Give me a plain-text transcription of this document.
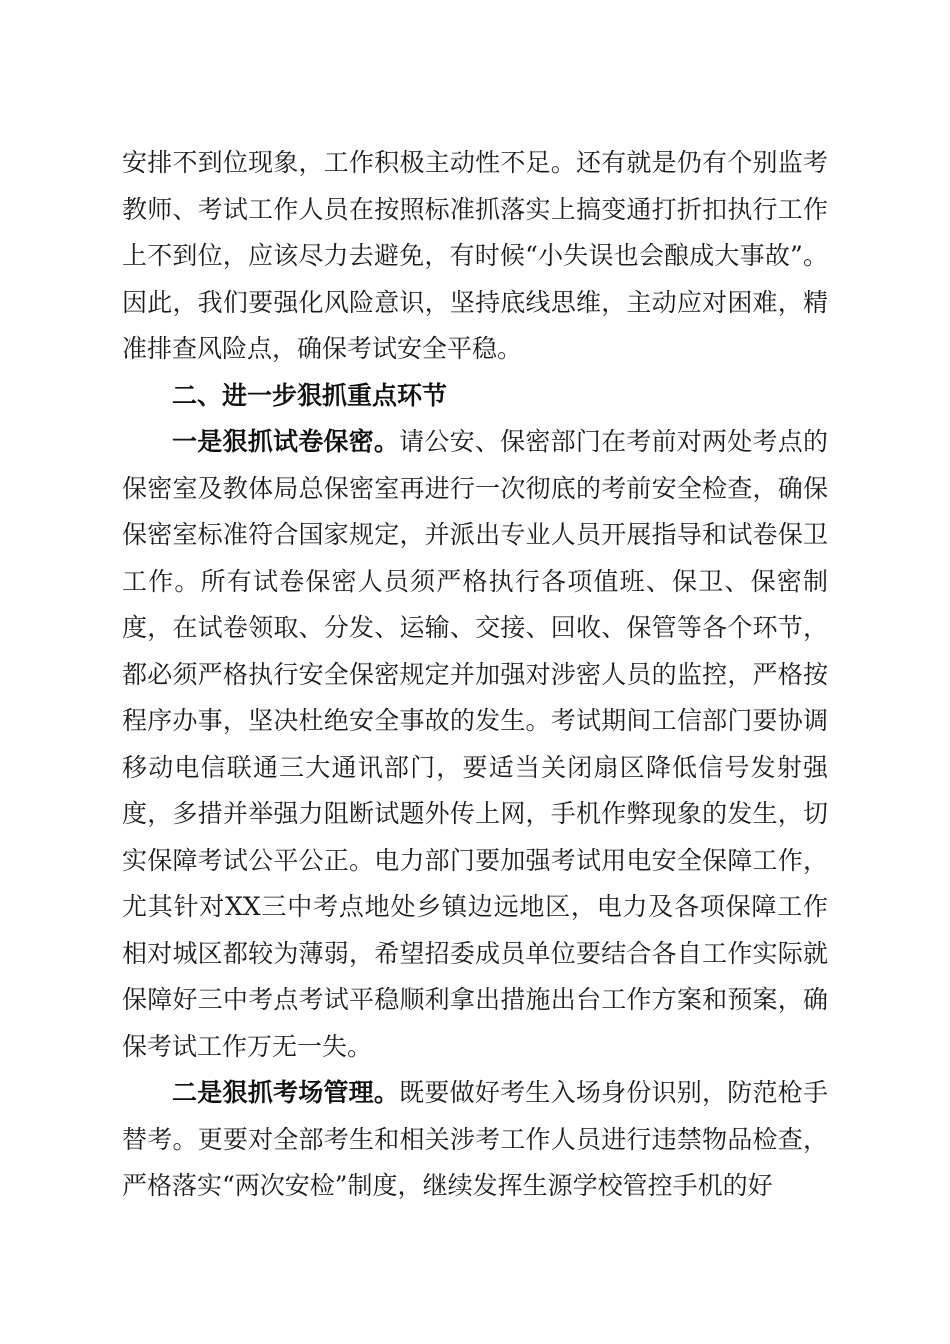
安排不到位现象，工作积极主动性不足。还有就是仍有个别监考教师、考试工作人员在按照标准抓落实上搞变通打折扣执行工作上不到位，应该尽力去避免，有时候“小失误也会酿成大事故”。因此，我们要强化风险意识，坚持底线思维，主动应对困难，精准排查风险点，确保考试安全平稳。

二、进一步狠抓重点环节

一是狠抓试卷保密。请公安、保密部门在考前对两处考点的保密室及教体局总保密室再进行一次彻底的考前安全检查，确保保密室标准符合国家规定，并派出专业人员开展指导和试卷保卫工作。所有试卷保密人员须严格执行各项值班、保卫、保密制度，在试卷领取、分发、运输、交接、回收、保管等各个环节，都必须严格执行安全保密规定并加强对涉密人员的监控，严格按程序办事，坚决杜绝安全事故的发生。考试期间工信部门要协调移动电信联通三大通讯部门，要适当关闭扇区降低信号发射强度，多措并举强力阻断试题外传上网，手机作弊现象的发生，切实保障考试公平公正。电力部门要加强考试用电安全保障工作，尤其针对XX三中考点地处乡镇边远地区，电力及各项保障工作相对城区都较为薄弱，希望招委成员单位要结合各自工作实际就保障好三中考点考试平稳顺利拿出措施出台工作方案和预案，确保考试工作万无一失。

二是狠抓考场管理。既要做好考生入场身份识别，防范枪手替考。更要对全部考生和相关涉考工作人员进行违禁物品检查，严格落实“两次安检”制度，继续发挥生源学校管控手机的好
